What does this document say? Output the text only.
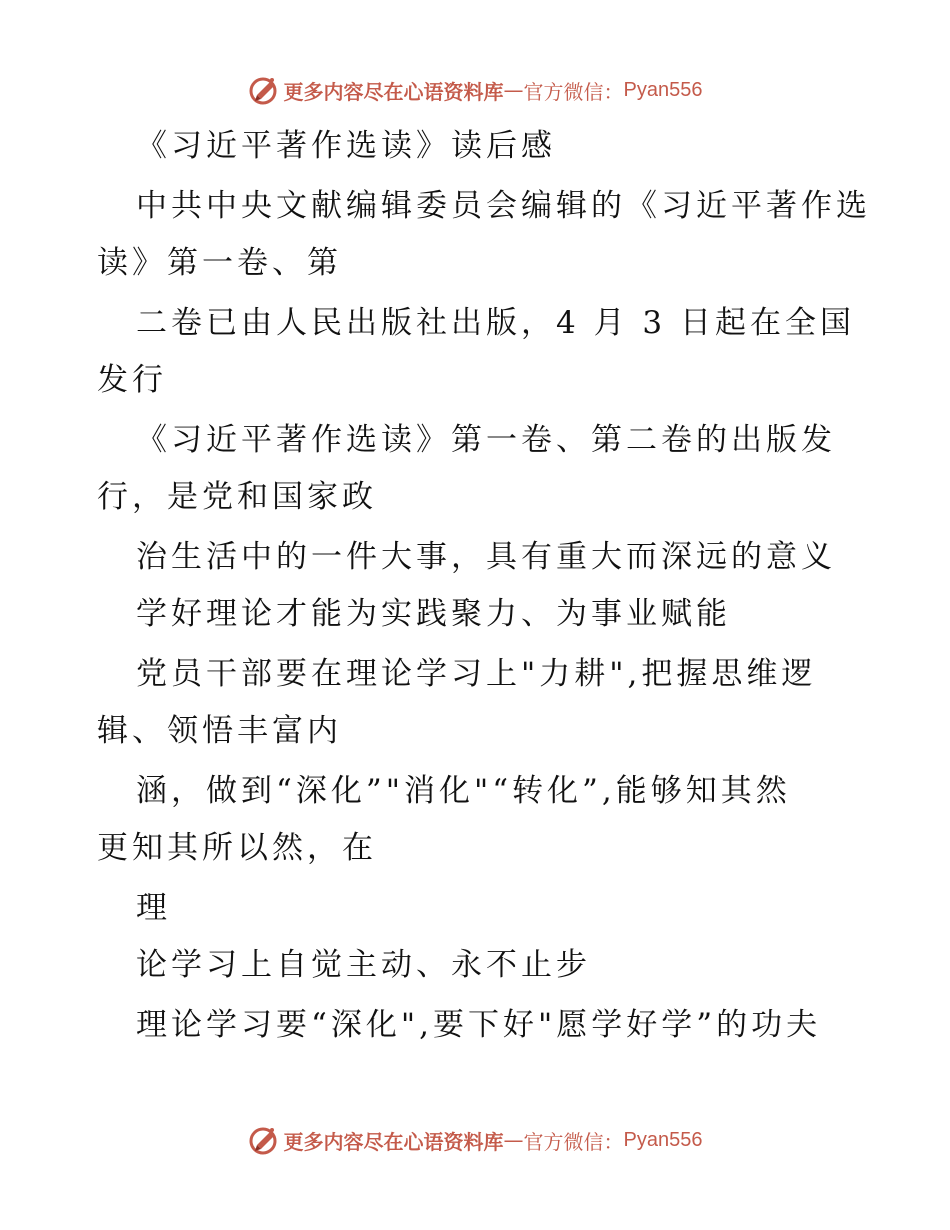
更多内容尽在心语资料库 — 官方微信： Pyan556
《习近平著作选读》读后感
中共中央文献编辑委员会编辑的《习近平著作选
读》第一卷、第
二卷已由人民出版社出版，4 月 3 日起在全国
发行
《习近平著作选读》第一卷、第二卷的出版发
行，是党和国家政
治生活中的一件大事，具有重大而深远的意义
学好理论才能为实践聚力、为事业赋能
党员干部要在理论学习上"力耕",把握思维逻
辑、领悟丰富内
涵，做到“深化”"消化"“转化”,能够知其然
更知其所以然，在
理
论学习上自觉主动、永不止步
理论学习要“深化",要下好"愿学好学”的功夫
更多内容尽在心语资料库 — 官方微信： Pyan556
